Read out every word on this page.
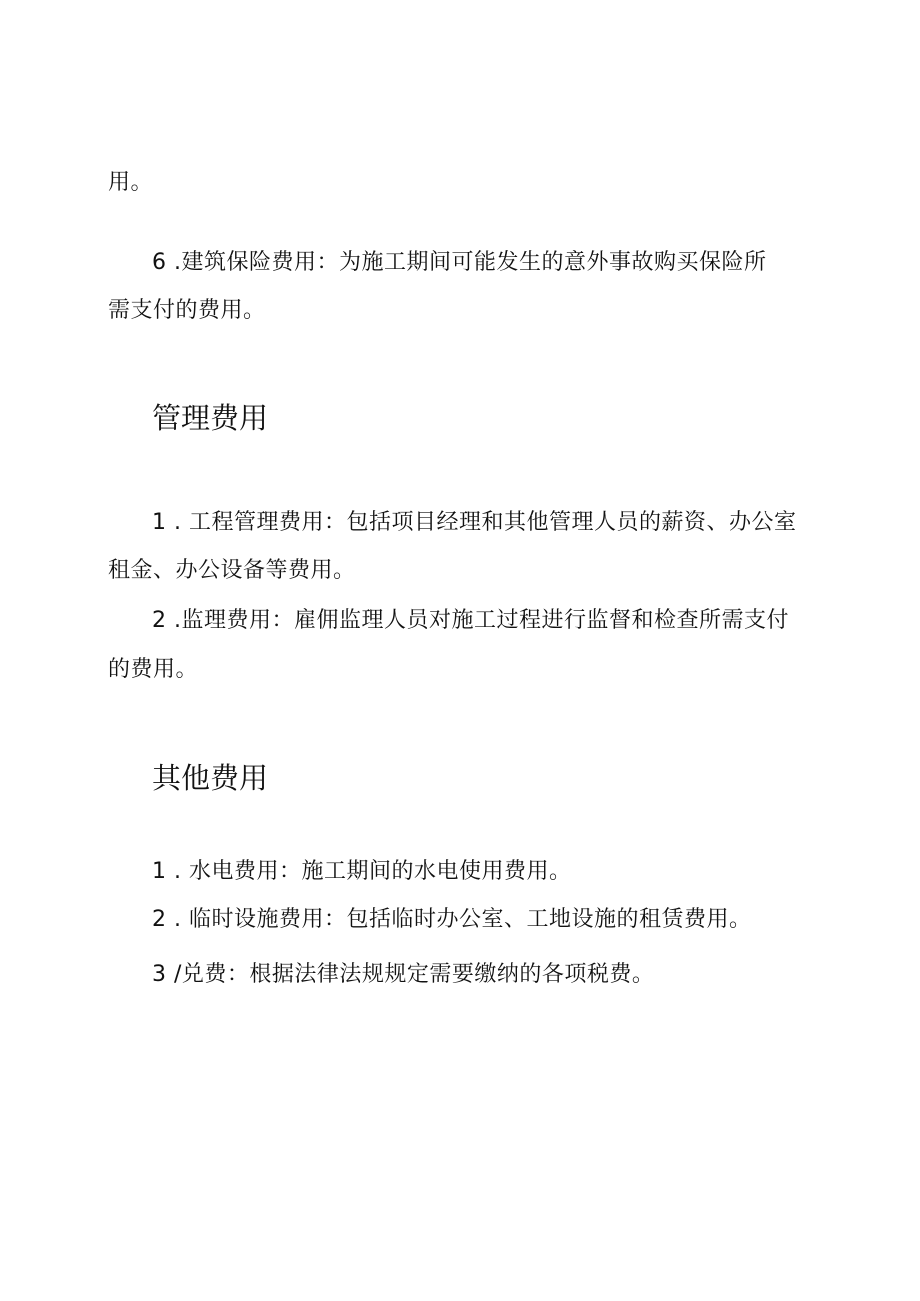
用。
6 .建筑保险费用：为施工期间可能发生的意外事故购买保险所
需支付的费用。
管理费用
1 . 工程管理费用：包括项目经理和其他管理人员的薪资、办公室
租金、办公设备等费用。
2 .监理费用：雇佣监理人员对施工过程进行监督和检查所需支付
的费用。
其他费用
1 . 水电费用：施工期间的水电使用费用。
2 . 临时设施费用：包括临时办公室、工地设施的租赁费用。
3 /兑费：根据法律法规规定需要缴纳的各项税费。
